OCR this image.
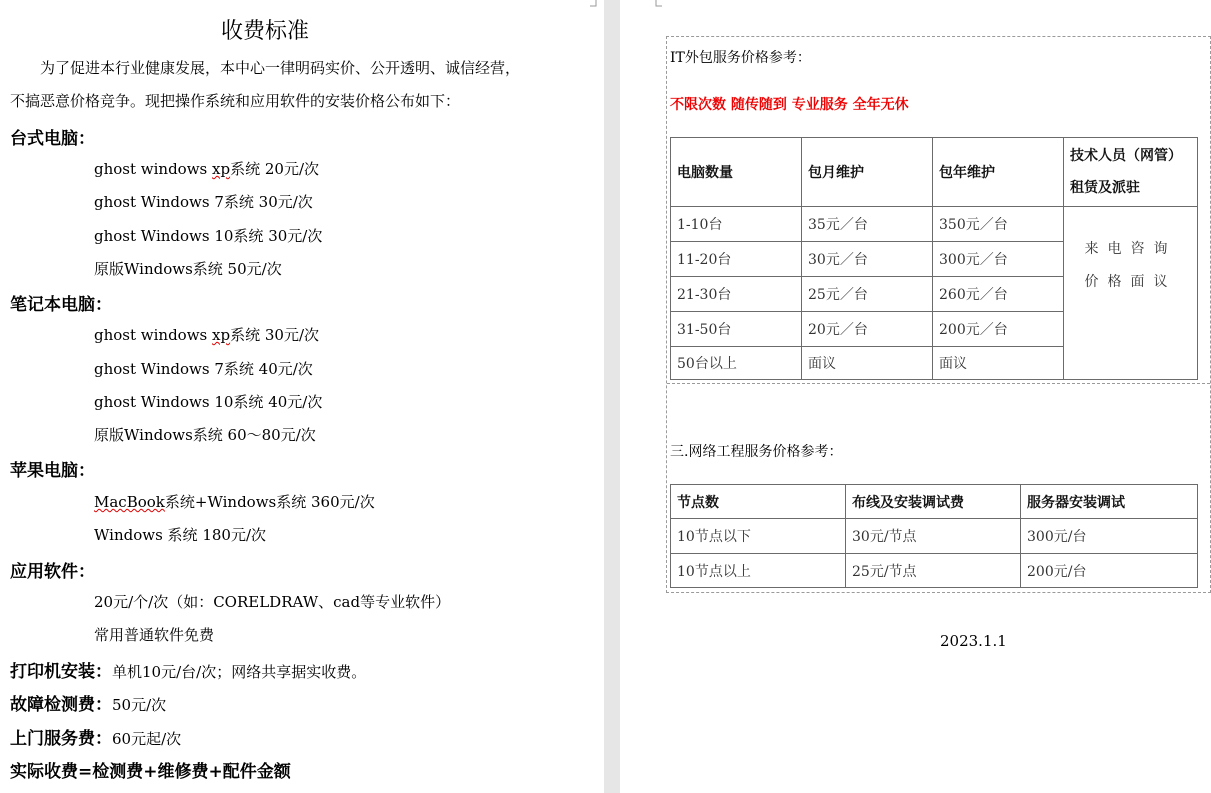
收费标准
为了促进本行业健康发展，本中心一律明码实价、公开透明、诚信经营，
不搞恶意价格竞争。现把操作系统和应用软件的安装价格公布如下：
台式电脑：
ghost windows xp系统 20元/次
ghost Windows 7系统 30元/次
ghost Windows 10系统 30元/次
原版Windows系统 50元/次
笔记本电脑：
ghost windows xp系统 30元/次
ghost Windows 7系统 40元/次
ghost Windows 10系统 40元/次
原版Windows系统 60～80元/次
苹果电脑：
MacBook系统+Windows系统 360元/次
Windows 系统 180元/次
应用软件：
20元/个/次（如：CORELDRAW、cad等专业软件）
常用普通软件免费
打印机安装：单机10元/台/次；网络共享据实收费。
故障检测费：50元/次
上门服务费：60元起/次
实际收费=检测费+维修费+配件金额
IT外包服务价格参考：
不限次数 随传随到 专业服务 全年无休
电脑数量	包月维护	包年维护	技术人员（网管）
租赁及派驻
1-10台	35元／台	350元／台	来电咨询
价格面议
11-20台	30元／台	300元／台	
21-30台	25元／台	260元／台	
31-50台	20元／台	200元／台	
50台以上	面议	面议	
三.网络工程服务价格参考：
节点数	布线及安装调试费	服务器安装调试
10节点以下	30元/节点	300元/台
10节点以上	25元/节点	200元/台
2023.1.1
